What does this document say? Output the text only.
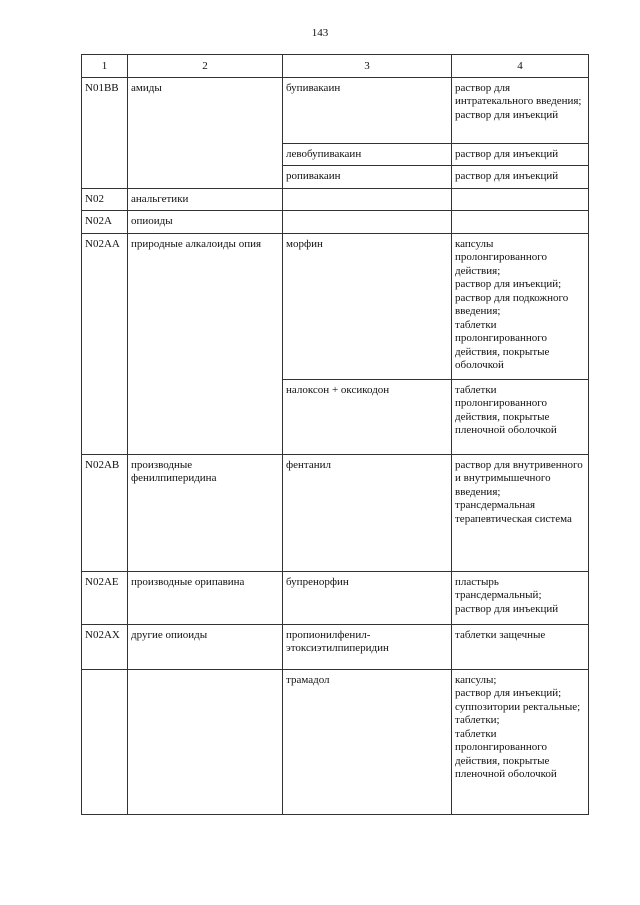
143
1	2	3	4
N01BB	амиды	бупивакаин	раствор для интратекального введения;
раствор для инъекций

		левобупивакаин	раствор для инъекций

		ропивакаин	раствор для инъекций

N02	анальгетики		
N02A	опиоиды		
N02AA	природные алкалоиды опия	морфин	капсулы пролонгированного действия;
раствор для инъекций;
раствор для подкожного введения;
таблетки пролонгированного действия, покрытые оболочкой

		налоксон + оксикодон	таблетки пролонгированного действия, покрытые пленочной оболочкой

N02AB	производные фенилпиперидина	фентанил	раствор для внутривенного и внутримышечного введения;
трансдермальная терапевтическая система

N02AE	производные орипавина	бупренорфин	пластырь трансдермальный;
раствор для инъекций

N02AX	другие опиоиды	пропионилфенил-этоксиэтилпиперидин	таблетки защечные

		трамадол	капсулы;
раствор для инъекций;
суппозитории ректальные;
таблетки;
таблетки пролонгированного действия, покрытые пленочной оболочкой
